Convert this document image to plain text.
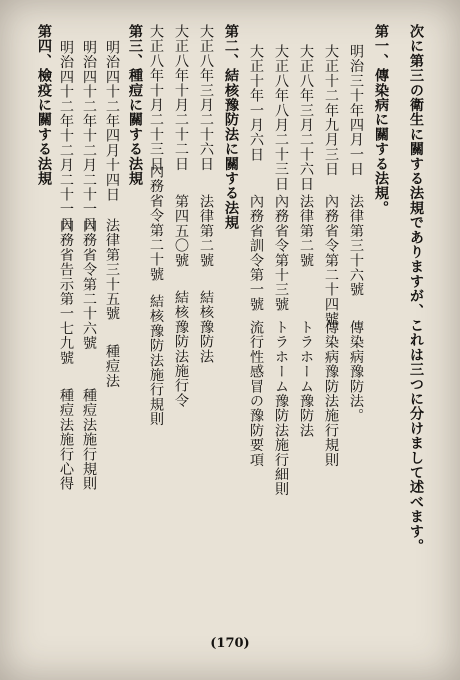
次に第三の衛生に關する法規でありますが、これは三つに分けまして述べます。
第一、傳染病に關する法規。
明治三十年四月一日法律第三十六號傳染病豫防法。
大正十二年九月三日內務省令第二十四號傳染病豫防法施行規則
大正八年三月二十六日法律第二號トラホーム豫防法
大正八年八月二十三日內務省令第十三號トラホーム豫防法施行細則
大正十年一月六日內務省訓令第一號流行性感冒の豫防要項
第二、結核豫防法に關する法規
大正八年三月二十六日法律第二號結核豫防法
大正八年十月二十二日第四五〇號結核豫防法施行令
大正八年十月二十三日內務省令第二十號結核豫防法施行規則
第三、種痘に關する法規
明治四十二年四月十四日法律第三十五號種痘法
明治四十二年十二月二十一日內務省令第二十六號種痘法施行規則
明治四十二年十二月二十一日內務省告示第一七九號種痘法施行心得
第四、檢疫に關する法規
(170)
